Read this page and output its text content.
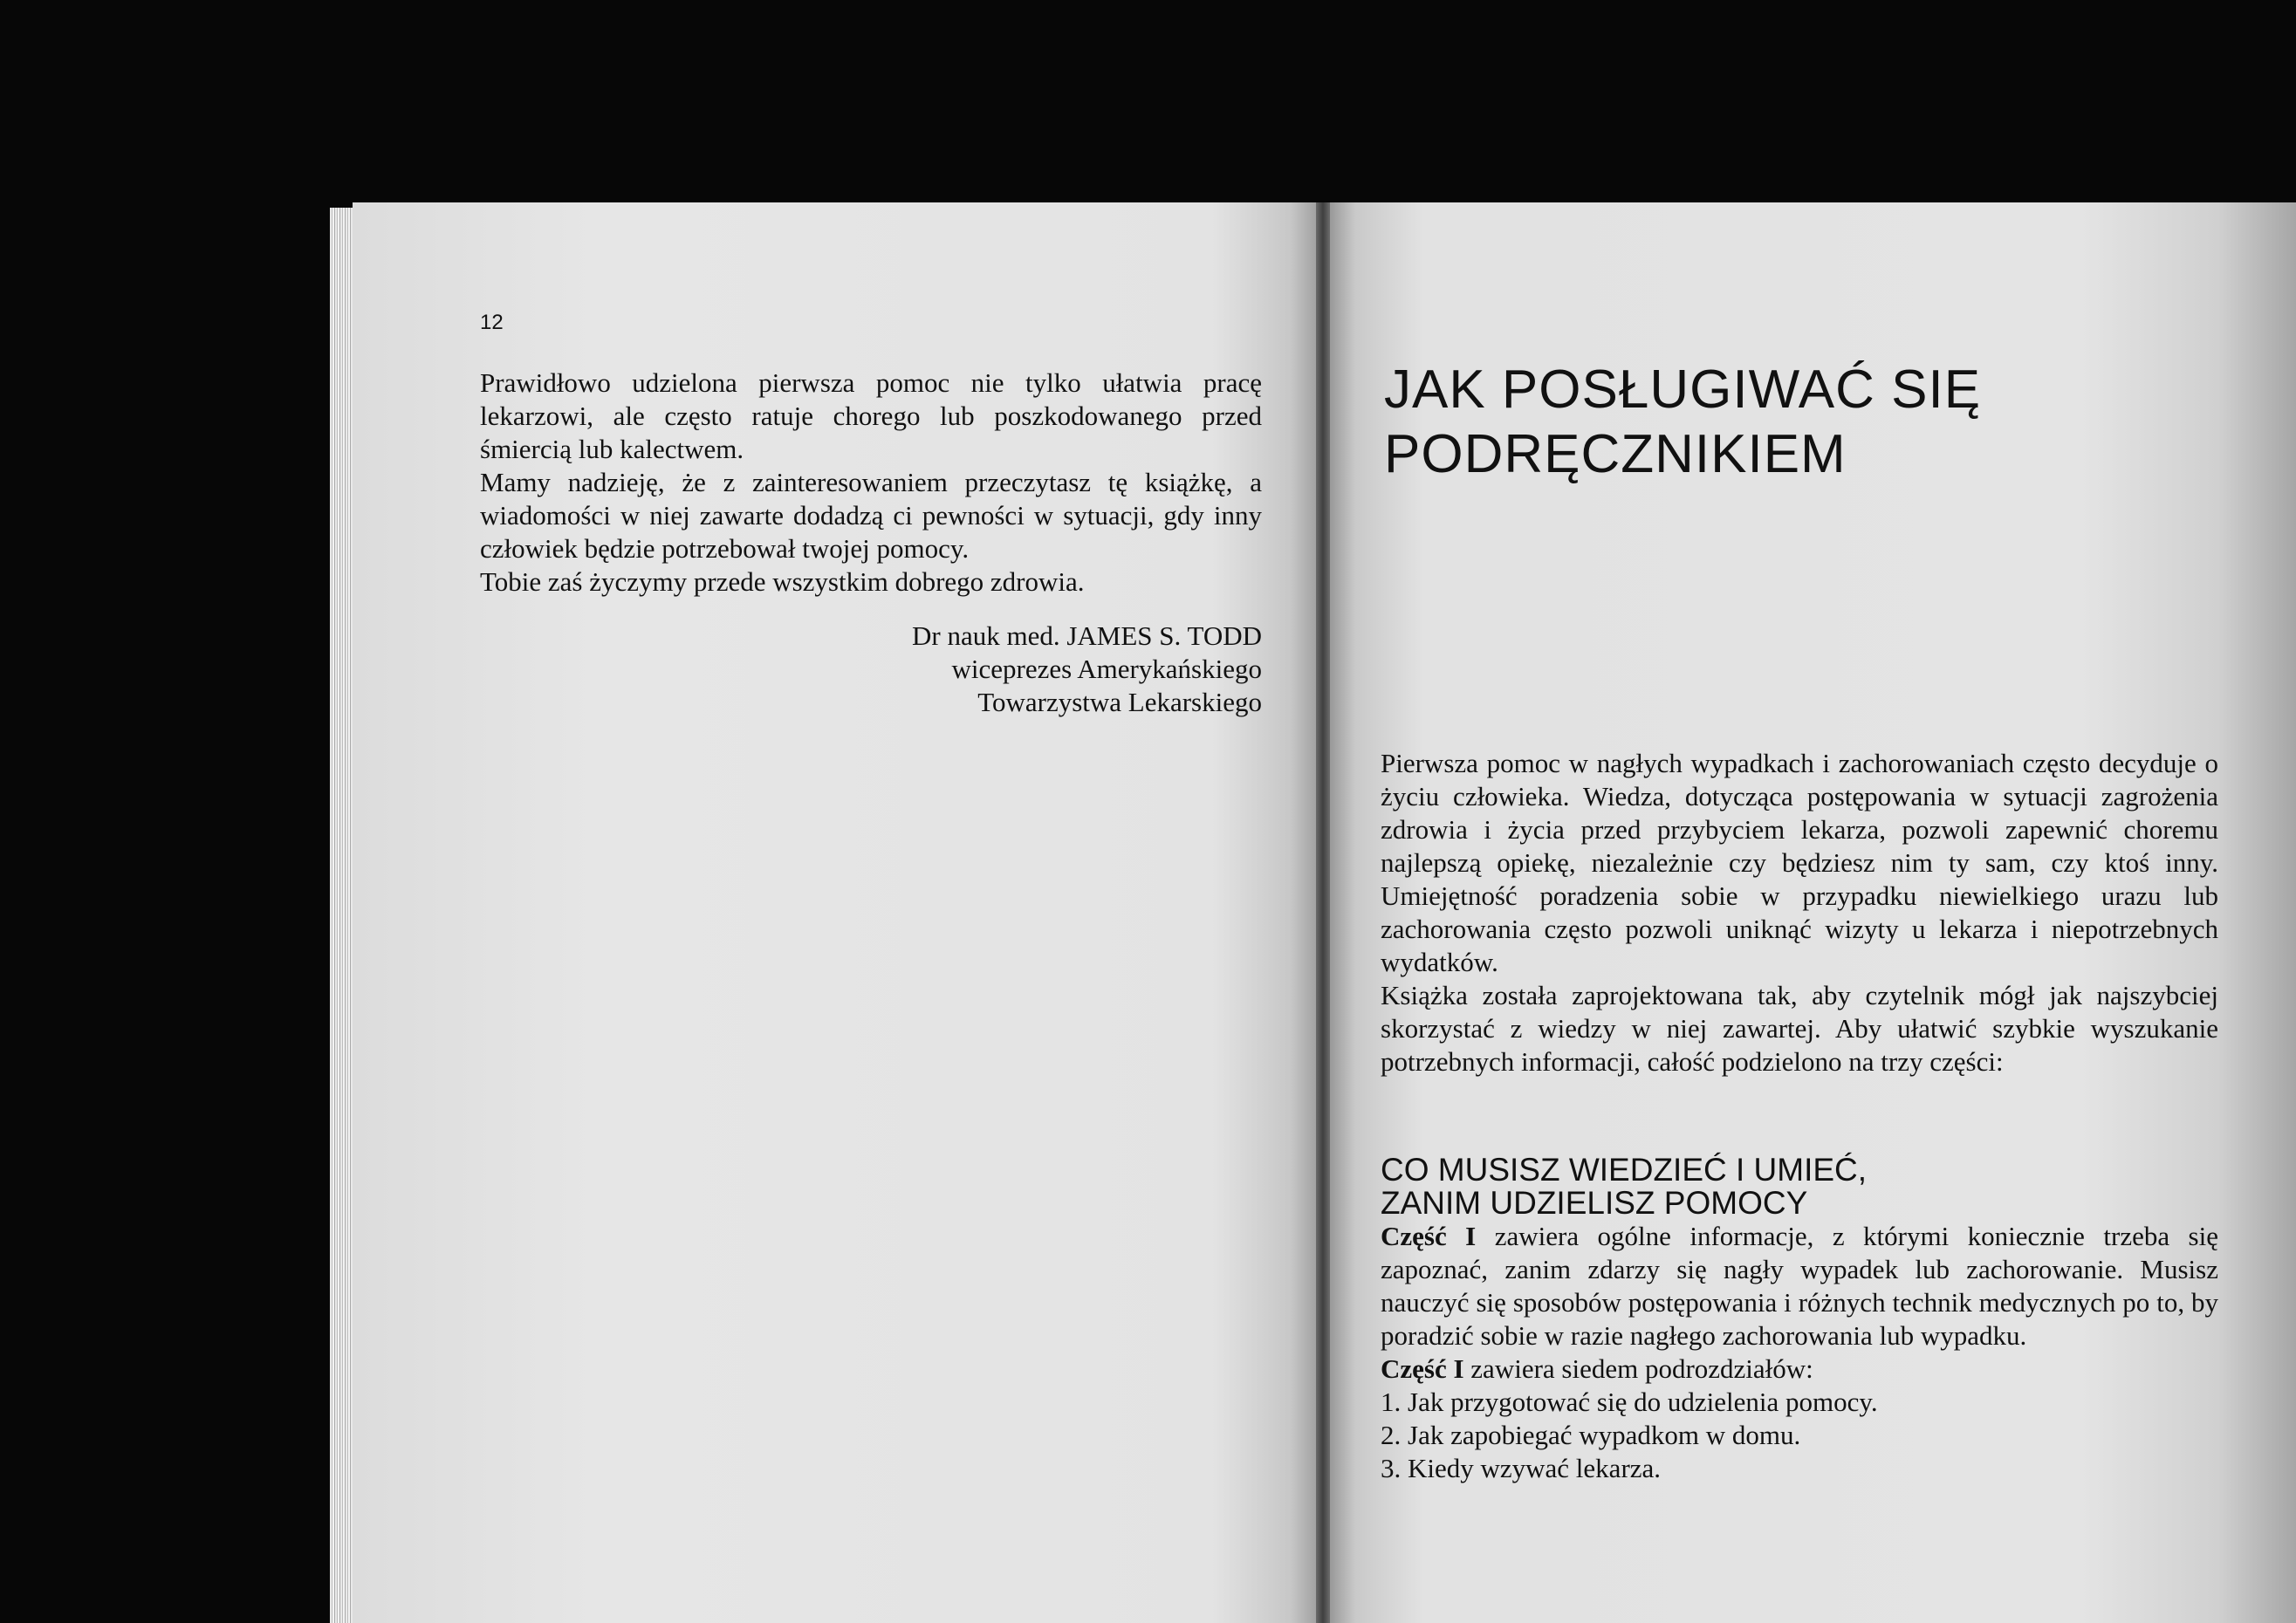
12

Prawidłowo udzielona pierwsza pomoc nie tylko ułatwia pracę lekarzowi, ale często ratuje chorego lub poszkodowanego przed śmiercią lub kalectwem.

Mamy nadzieję, że z zainteresowaniem przeczytasz tę książkę, a wiadomości w niej zawarte dodadzą ci pewności w sytuacji, gdy inny człowiek będzie potrzebował twojej pomocy.

Tobie zaś życzymy przede wszystkim dobrego zdrowia.

Dr nauk med. JAMES S. TODD
wiceprezes Amerykańskiego
Towarzystwa Lekarskiego
JAK POSŁUGIWAĆ SIĘ
PODRĘCZNIKIEM

Pierwsza pomoc w nagłych wypadkach i zachorowaniach często decyduje o życiu człowieka. Wiedza, dotycząca postępowania w sytuacji zagrożenia zdrowia i życia przed przybyciem lekarza, pozwoli zapewnić choremu najlepszą opiekę, niezależnie czy będziesz nim ty sam, czy ktoś inny. Umiejętność poradzenia sobie w przypadku niewielkiego urazu lub zachorowania często pozwoli uniknąć wizyty u lekarza i niepotrzebnych wydatków.

Książka została zaprojektowana tak, aby czytelnik mógł jak najszybciej skorzystać z wiedzy w niej zawartej. Aby ułatwić szybkie wyszukanie potrzebnych informacji, całość podzielono na trzy części:

CO MUSISZ WIEDZIEĆ I UMIEĆ,
ZANIM UDZIELISZ POMOCY

Część I zawiera ogólne informacje, z którymi koniecznie trzeba się zapoznać, zanim zdarzy się nagły wypadek lub zachorowanie. Musisz nauczyć się sposobów postępowania i różnych technik medycznych po to, by poradzić sobie w razie nagłego zachorowania lub wypadku.

Część I zawiera siedem podrozdziałów:

1. Jak przygotować się do udzielenia pomocy.
2. Jak zapobiegać wypadkom w domu.
3. Kiedy wzywać lekarza.
